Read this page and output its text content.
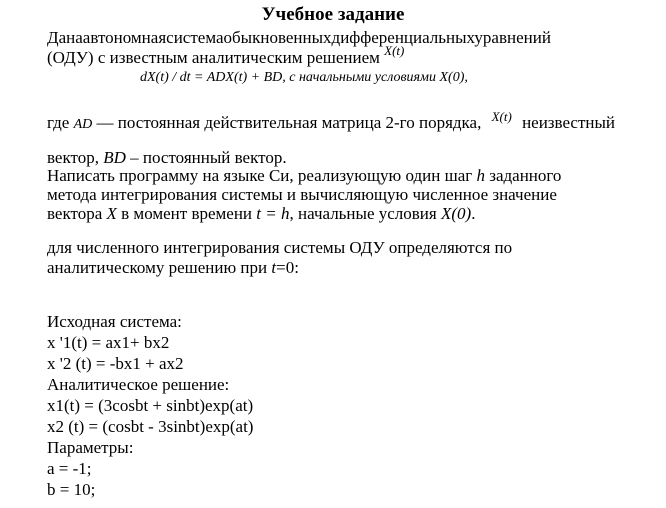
Учебное задание
Данаавтономнаясистемаобыкновенныхдифференциальныхуравнений
(ОДУ) с известным аналитическим решением $^{X(t)}$
dX(t) / dt = ADX(t) + BD, с начальными условиями X(0),
где AD — постоянная действительная матрица 2-го порядка, $^{X(t)}$ неизвестный
вектор, BD – постоянный вектор.
Написать программу на языке Си, реализующую один шаг h заданного
метода интегрирования системы и вычисляющую численное значение
вектора X в момент времени t = h, начальные условия X(0).
для численного интегрирования системы ОДУ определяются по
аналитическому решению при t=0:
Исходная система:
x '1(t) = ax1+ bx2
x '2 (t) = -bx1 + ax2
Аналитическое решение:
x1(t) = (3cosbt + sinbt)exp(at)
x2 (t) = (cosbt - 3sinbt)exp(at)
Параметры:
a = -1;
b = 10;
